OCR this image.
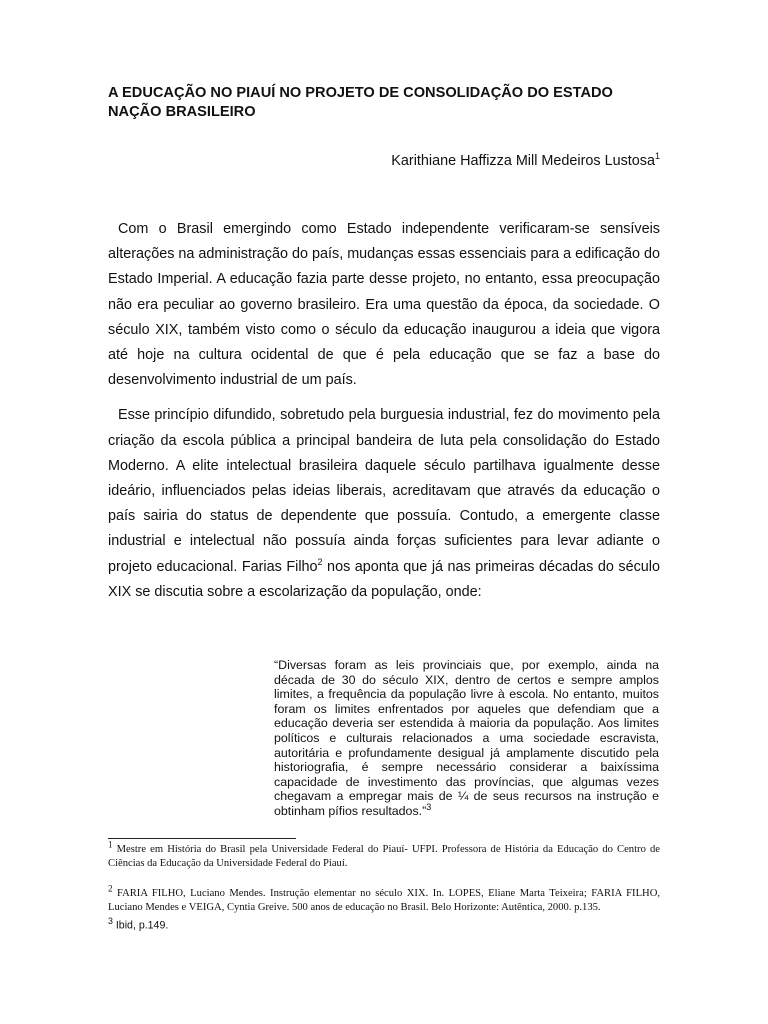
A EDUCAÇÃO NO PIAUÍ NO PROJETO DE CONSOLIDAÇÃO DO ESTADO NAÇÃO BRASILEIRO
Karithiane Haffizza Mill Medeiros Lustosa$^1$

Com o Brasil emergindo como Estado independente verificaram-se sensíveis alterações na administração do país, mudanças essas essenciais para a edificação do Estado Imperial. A educação fazia parte desse projeto, no entanto, essa preocupação não era peculiar ao governo brasileiro. Era uma questão da época, da sociedade. O século XIX, também visto como o século da educação inaugurou a ideia que vigora até hoje na cultura ocidental de que é pela educação que se faz a base do desenvolvimento industrial de um país.

Esse princípio difundido, sobretudo pela burguesia industrial, fez do movimento pela criação da escola pública a principal bandeira de luta pela consolidação do Estado Moderno. A elite intelectual brasileira daquele século partilhava igualmente desse ideário, influenciados pelas ideias liberais, acreditavam que através da educação o país sairia do status de dependente que possuía. Contudo, a emergente classe industrial e intelectual não possuía ainda forças suficientes para levar adiante o projeto educacional. Farias Filho$^2$ nos aponta que já nas primeiras décadas do século XIX se discutia sobre a escolarização da população, onde:

“Diversas foram as leis provinciais que, por exemplo, ainda na década de 30 do século XIX, dentro de certos e sempre amplos limites, a frequência da população livre à escola. No entanto, muitos foram os limites enfrentados por aqueles que defendiam que a educação deveria ser estendida à maioria da população. Aos limites políticos e culturais relacionados a uma sociedade escravista, autoritária e profundamente desigual já amplamente discutido pela historiografia, é sempre necessário considerar a baixíssima capacidade de investimento das províncias, que algumas vezes chegavam a empregar mais de ¼ de seus recursos na instrução e obtinham pífios resultados.”$^3$

$^1$ Mestre em História do Brasil pela Universidade Federal do Piauí- UFPI. Professora de História da Educação do Centro de Ciências da Educação da Universidade Federal do Piauí.

$^2$ FARIA FILHO, Luciano Mendes. Instrução elementar no século XIX. In. LOPES, Eliane Marta Teixeira; FARIA FILHO, Luciano Mendes e VEIGA, Cyntia Greive. 500 anos de educação no Brasil. Belo Horizonte: Autêntica, 2000. p.135.

$^3$ Ibid, p.149.
